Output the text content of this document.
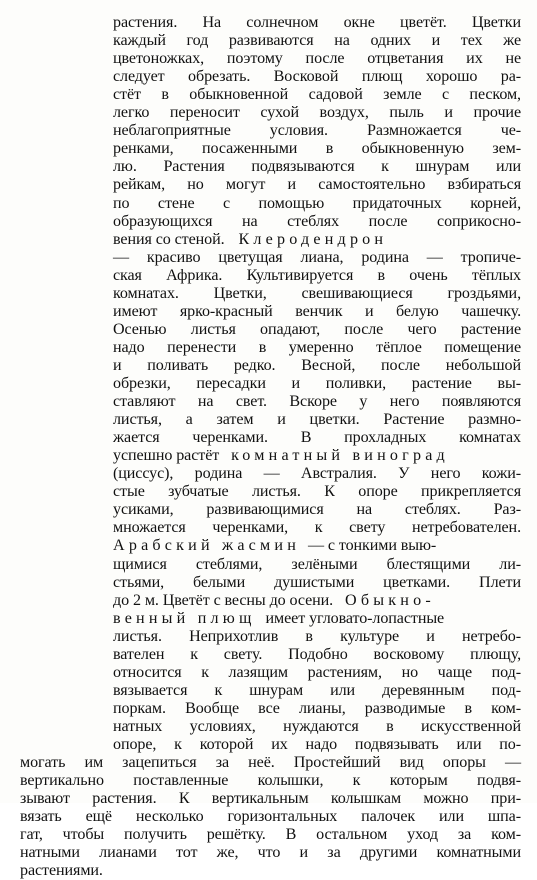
растения. На солнечном окне цветёт. Цветки
каждый год развиваются на одних и тех же
цветоножках, поэтому после отцветания их не
следует обрезать. Восковой плющ хорошо ра-
стёт в обыкновенной садовой земле с песком,
легко переносит сухой воздух, пыль и прочие
неблагоприятные условия. Размножается че-
ренками, посаженными в обыкновенную зем-
лю. Растения подвязываются к шнурам или
рейкам, но могут и самостоятельно взбираться
по стене с помощью придаточных корней,
образующихся на стеблях после соприкосно-
вения со стеной. Клеродендрон
— красиво цветущая лиана, родина — тропиче-
ская Африка. Культивируется в очень тёплых
комнатах. Цветки, свешивающиеся гроздьями,
имеют ярко-красный венчик и белую чашечку.
Осенью листья опадают, после чего растение
надо перенести в умеренно тёплое помещение
и поливать редко. Весной, после небольшой
обрезки, пересадки и поливки, растение вы-
ставляют на свет. Вскоре у него появляются
листья, а затем и цветки. Растение размно-
жается черенками. В прохладных комнатах
успешно растёт комнатный виноград
(циссус), родина — Австралия. У него кожи-
стые зубчатые листья. К опоре прикрепляется
усиками, развивающимися на стеблях. Раз-
множается черенками, к свету нетребователен.
Арабский жасмин — с тонкими выю-
щимися стеблями, зелёными блестящими ли-
стьями, белыми душистыми цветками. Плети
до 2 м. Цветёт с весны до осени. Обыкно-
венный плющ имеет угловато-лопастные
листья. Неприхотлив в культуре и нетребо-
вателен к свету. Подобно восковому плющу,
натных условиях, нуждаются в искусственной
опоре, к которой их надо подвязывать или по-
могать им зацепиться за неё. Простейший вид опоры —
вертикально поставленные колышки, к которым подвя-
зывают растения. К вертикальным колышкам можно при-
вязать ещё несколько горизонтальных палочек или шпа-
гат, чтобы получить решётку. В остальном уход за ком-
натными лианами тот же, что и за другими комнатными
растениями.
относится к лазящим растениям, но чаще под-
вязывается к шнурам или деревянным под-
поркам. Вообще все лианы, разводимые в ком-
